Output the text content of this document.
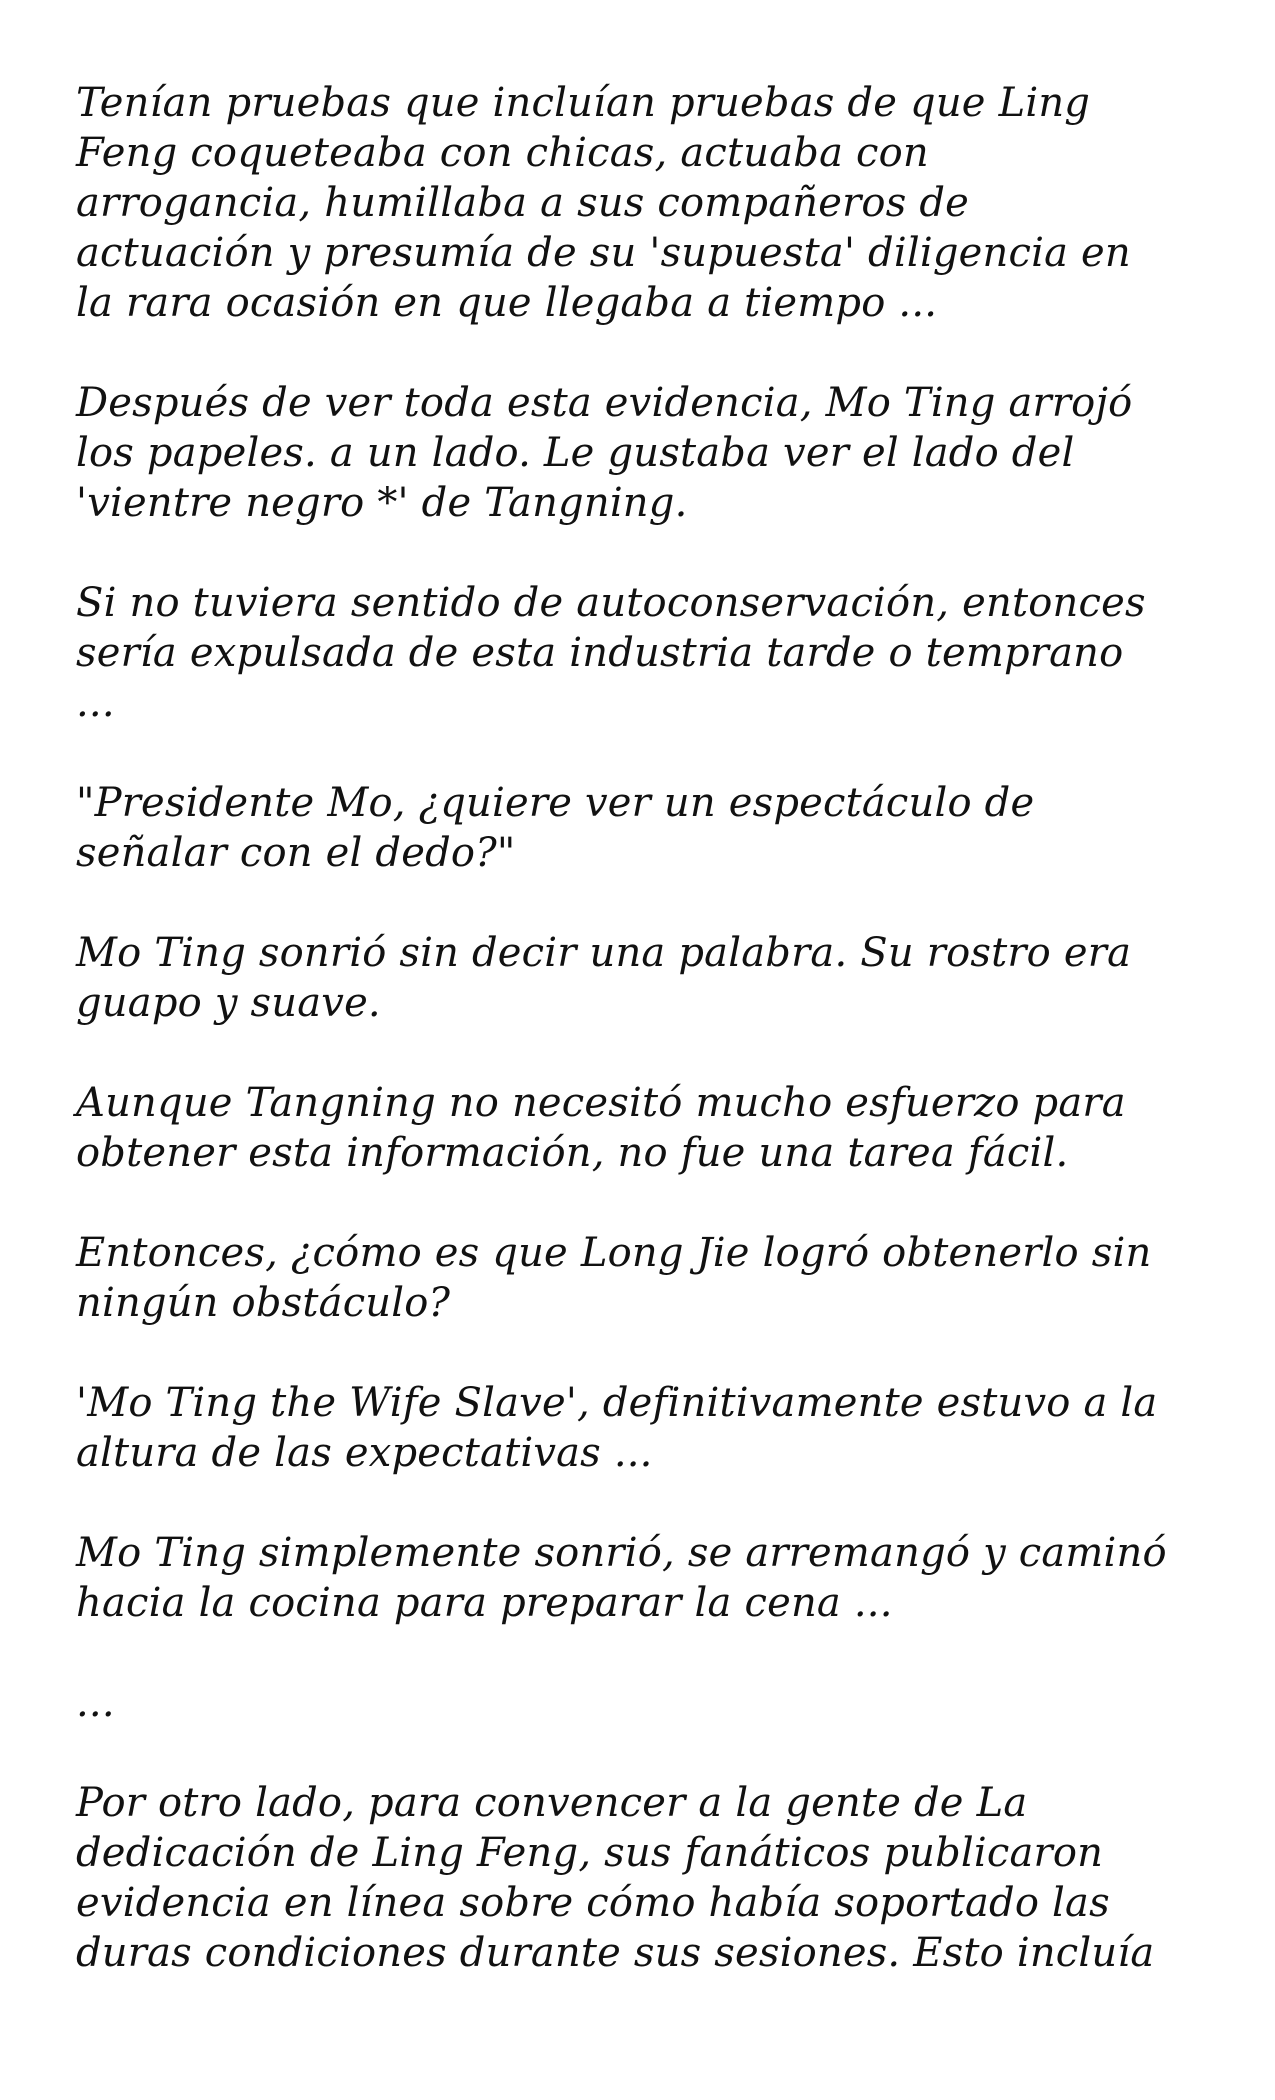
Tenían pruebas que incluían pruebas de que Ling
Feng coqueteaba con chicas, actuaba con
arrogancia, humillaba a sus compañeros de
actuación y presumía de su 'supuesta' diligencia en
la rara ocasión en que llegaba a tiempo ...

Después de ver toda esta evidencia, Mo Ting arrojó
los papeles. a un lado. Le gustaba ver el lado del
'vientre negro *' de Tangning.

Si no tuviera sentido de autoconservación, entonces
sería expulsada de esta industria tarde o temprano
...

"Presidente Mo, ¿quiere ver un espectáculo de
señalar con el dedo?"

Mo Ting sonrió sin decir una palabra. Su rostro era
guapo y suave.

Aunque Tangning no necesitó mucho esfuerzo para
obtener esta información, no fue una tarea fácil.

Entonces, ¿cómo es que Long Jie logró obtenerlo sin
ningún obstáculo?

'Mo Ting the Wife Slave', definitivamente estuvo a la
altura de las expectativas ...

Mo Ting simplemente sonrió, se arremangó y caminó
hacia la cocina para preparar la cena ...

...

Por otro lado, para convencer a la gente de La
dedicación de Ling Feng, sus fanáticos publicaron
evidencia en línea sobre cómo había soportado las
duras condiciones durante sus sesiones. Esto incluía
